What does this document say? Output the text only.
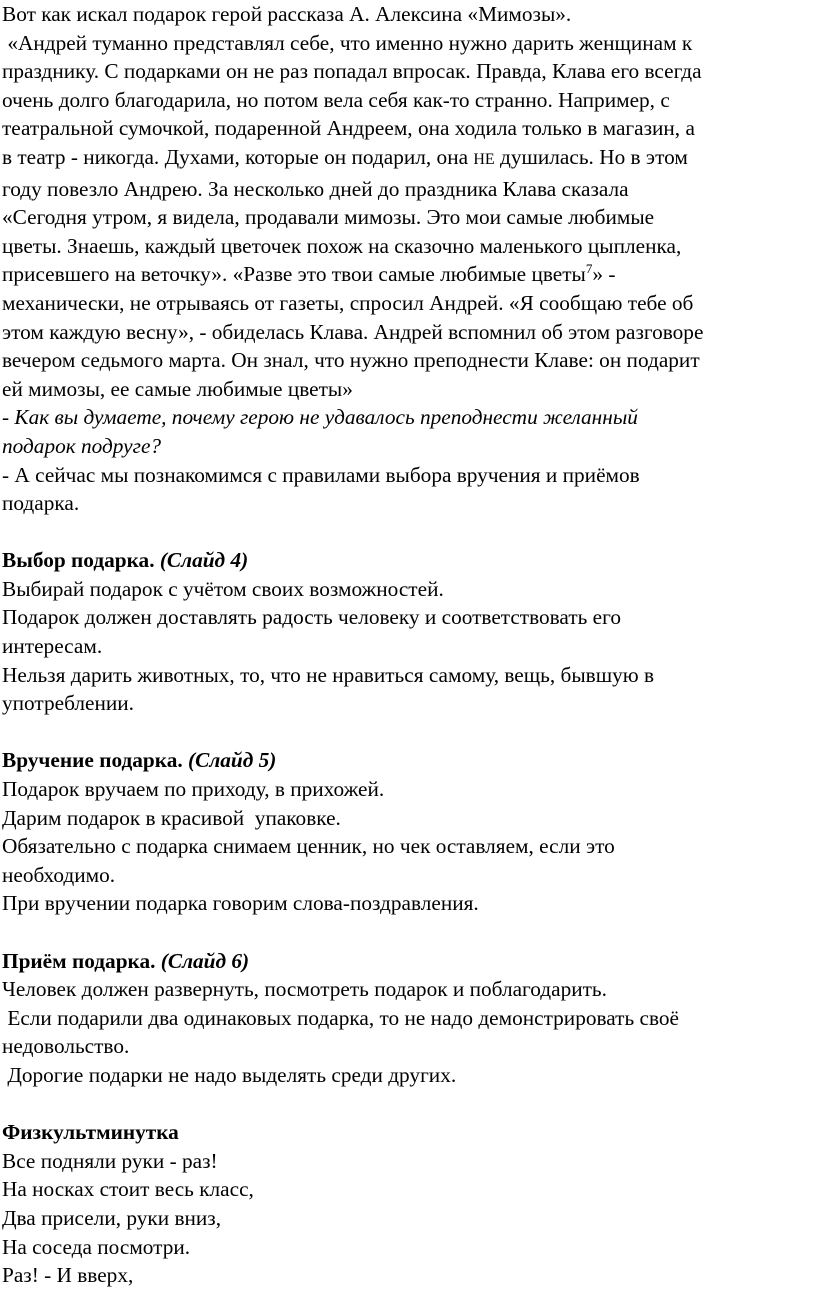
Вот как искал подарок герой рассказа А. Алексина «Мимозы».
«Андрей туманно представлял себе, что именно нужно дарить женщинам к
празднику. С подарками он не раз попадал впросак. Правда, Клава его всегда
очень долго благодарила, но потом вела себя как-то странно. Например, с
театральной сумочкой, подаренной Андреем, она ходила только в магазин, а
в театр - никогда. Духами, которые он подарил, она НЕ душилась. Но в этом
годy повезло Андрею. За несколько дней до праздника Клава сказала
«Сегодня утром, я видела, продавали мимозы. Это мои самые любимые
цветы. Знаешь, каждый цветочек похож на сказочно маленького цыпленка,
присевшего на веточку». «Разве это твои самые любимые цветы$^7$» -
механически, не отрываясь от газеты, спросил Андрей. «Я сообщаю тебе об
этом каждую весну», - обиделась Клава. Андрей вспомнил об этом разговоре
вечером седьмого марта. Он знал, что нужно преподнести Клаве: он подарит
ей мимозы, ее самые любимые цветы»
- Как вы думаете, почему герою не удавалось преподнести желанный
подарок подруге?
- А сейчас мы познакомимся с правилами выбора вручения и приёмов
подарка.
Выбор подарка. (Слайд 4)
Выбирай подарок с учётом своих возможностей.
Подарок должен доставлять радость человеку и соответствовать его
интересам.
Нельзя дарить животных, то, что не нравиться самому, вещь, бывшую в
употреблении.
Вручение подарка. (Слайд 5)
Подарок вручаем по приходу, в прихожей.
Дарим подарок в красивой  упаковке.
Обязательно с подарка снимаем ценник, но чек оставляем, если это
необходимо.
При вручении подарка говорим слова-поздравления.
Приём подарка. (Слайд 6)
Человек должен развернуть, посмотреть подарок и поблагодарить.
Если подарили два одинаковых подарка, то не надо демонстрировать своё
недовольство.
Дорогие подарки не надо выделять среди других.
Физкультминутка
Все подняли руки - раз!
На носках стоит весь класс,
Два присели, руки вниз,
На соседа посмотри.
Раз! - И вверх,
